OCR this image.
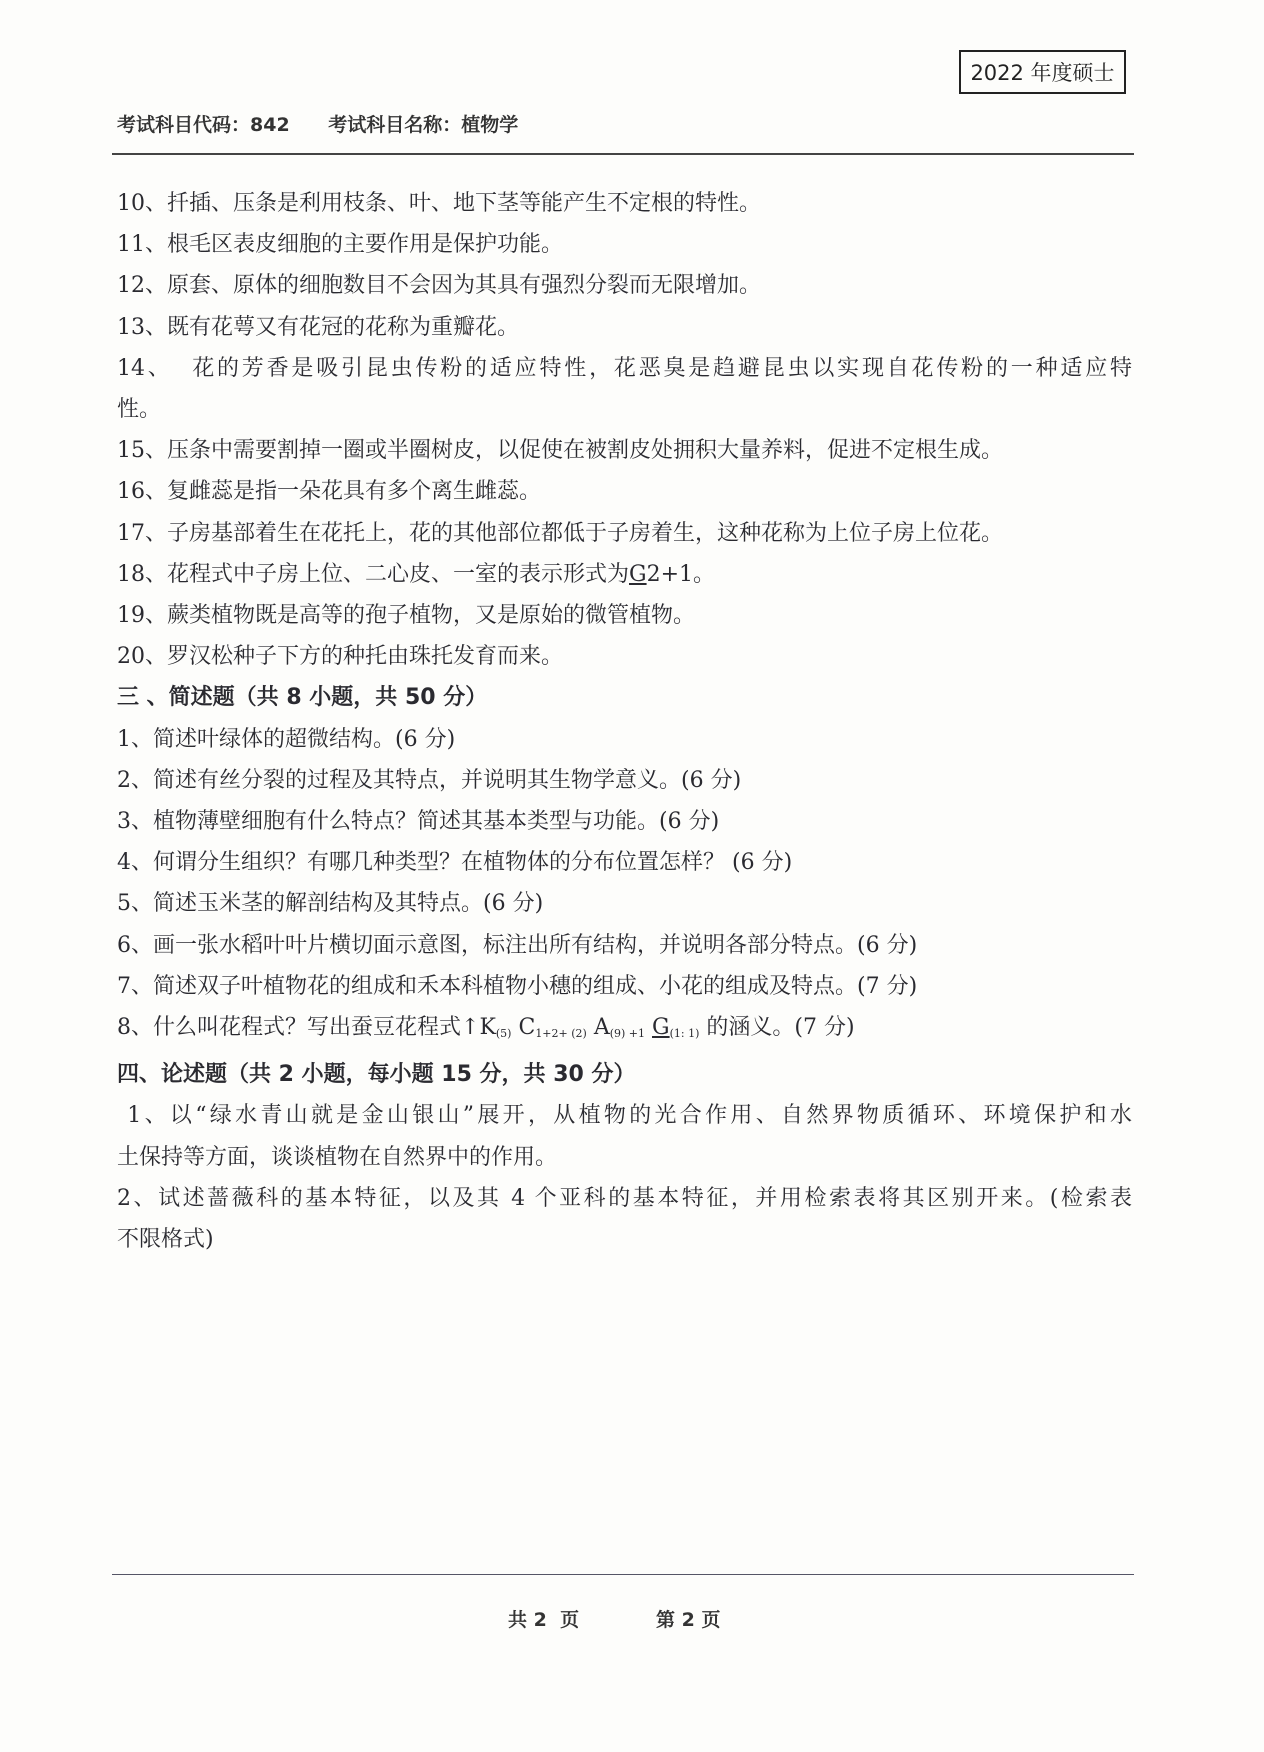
2022 年度硕士
考试科目代码：842 考试科目名称：植物学
10、扦插、压条是利用枝条、叶、地下茎等能产生不定根的特性。
11、根毛区表皮细胞的主要作用是保护功能。
12、原套、原体的细胞数目不会因为其具有强烈分裂而无限增加。
13、既有花萼又有花冠的花称为重瓣花。
14、  花的芳香是吸引昆虫传粉的适应特性，花恶臭是趋避昆虫以实现自花传粉的一种适应特
性。
15、压条中需要割掉一圈或半圈树皮，以促使在被割皮处拥积大量养料，促进不定根生成。
16、复雌蕊是指一朵花具有多个离生雌蕊。
17、子房基部着生在花托上，花的其他部位都低于子房着生，这种花称为上位子房上位花。
18、花程式中子房上位、二心皮、一室的表示形式为G2+1。
19、蕨类植物既是高等的孢子植物，又是原始的微管植物。
20、罗汉松种子下方的种托由珠托发育而来。
三 、简述题（共 8 小题，共 50 分）
1、简述叶绿体的超微结构。(6 分)
2、简述有丝分裂的过程及其特点，并说明其生物学意义。(6 分)
3、植物薄壁细胞有什么特点？简述其基本类型与功能。(6 分)
4、何谓分生组织？有哪几种类型？在植物体的分布位置怎样？ (6 分)
5、简述玉米茎的解剖结构及其特点。(6 分)
6、画一张水稻叶叶片横切面示意图，标注出所有结构，并说明各部分特点。(6 分)
7、简述双子叶植物花的组成和禾本科植物小穗的组成、小花的组成及特点。(7 分)
8、什么叫花程式？写出蚕豆花程式$↑K_{(5)}$ $C_{1+2+ (2)}$ $A_{(9) +1}$ $G_{(1: 1)}$ 的涵义。(7 分)
四、论述题（共 2 小题，每小题 15 分，共 30 分）
1、以“绿水青山就是金山银山”展开，从植物的光合作用、自然界物质循环、环境保护和水
土保持等方面，谈谈植物在自然界中的作用。
2、试述蔷薇科的基本特征，以及其 4 个亚科的基本特征，并用检索表将其区别开来。(检索表
不限格式)
共 2  页	第 2 页
